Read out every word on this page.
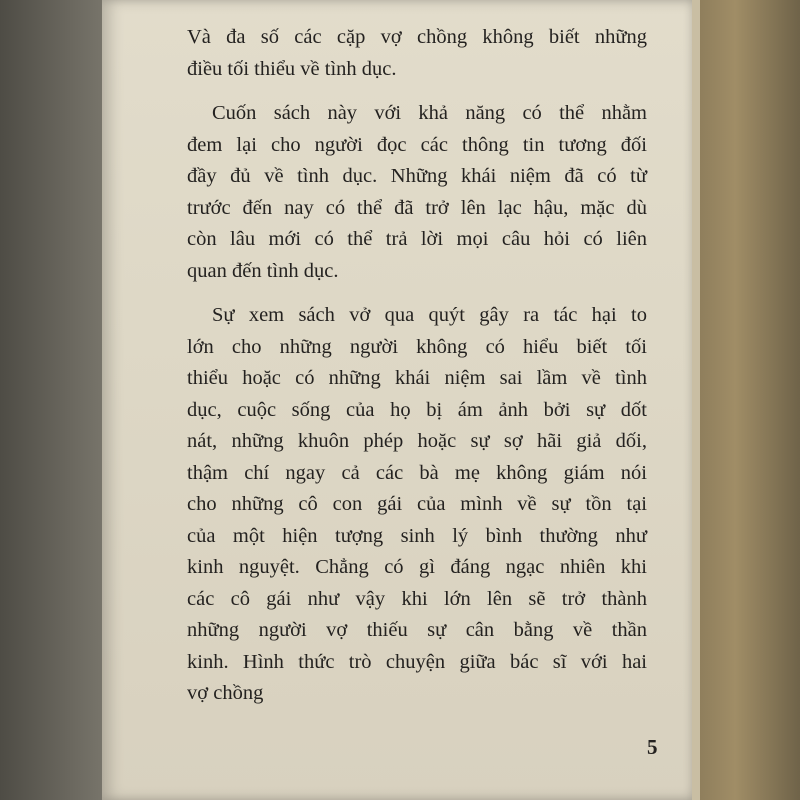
Và đa số các cặp vợ chồng không biết những
điều tối thiểu về tình dục.

Cuốn sách này với khả năng có thể nhằm
đem lại cho người đọc các thông tin tương đối
đầy đủ về tình dục. Những khái niệm đã có từ
trước đến nay có thể đã trở lên lạc hậu, mặc dù
còn lâu mới có thể trả lời mọi câu hỏi có liên
quan đến tình dục.

Sự xem sách vở qua quýt gây ra tác hại to
lớn cho những người không có hiểu biết tối
thiểu hoặc có những khái niệm sai lầm về tình
dục, cuộc sống của họ bị ám ảnh bởi sự dốt
nát, những khuôn phép hoặc sự sợ hãi giả dối,
thậm chí ngay cả các bà mẹ không giám nói
cho những cô con gái của mình về sự tồn tại
của một hiện tượng sinh lý bình thường như
kinh nguyệt. Chẳng có gì đáng ngạc nhiên khi
các cô gái như vậy khi lớn lên sẽ trở thành
những người vợ thiếu sự cân bằng về thần
kinh. Hình thức trò chuyện giữa bác sĩ với hai
vợ chồng

5
